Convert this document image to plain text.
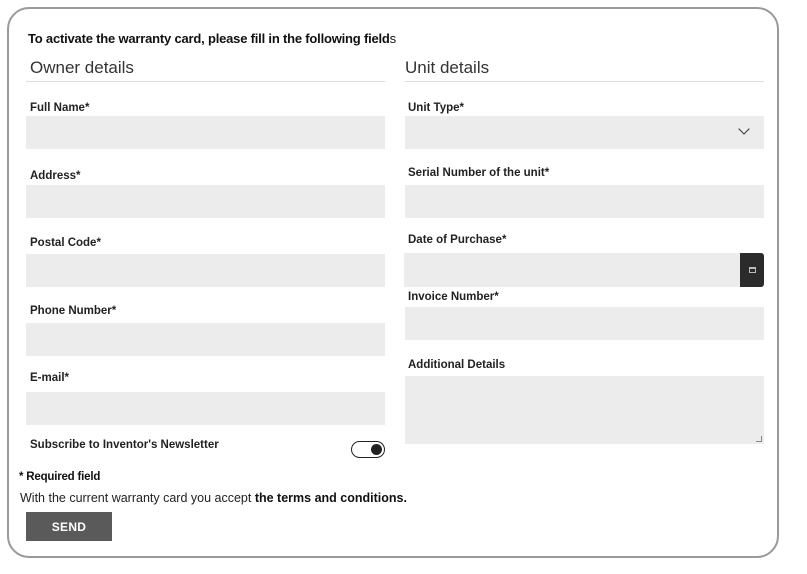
To activate the warranty card, please fill in the following fields
Owner details
Full Name*
Address*
Postal Code*
Phone Number*
E-mail*
Subscribe to Inventor's Newsletter
Unit details
Unit Type*
Serial Number of the unit*
Date of Purchase*
Invoice Number*
Additional Details
* Required field
With the current warranty card you accept the terms and conditions.
SEND
